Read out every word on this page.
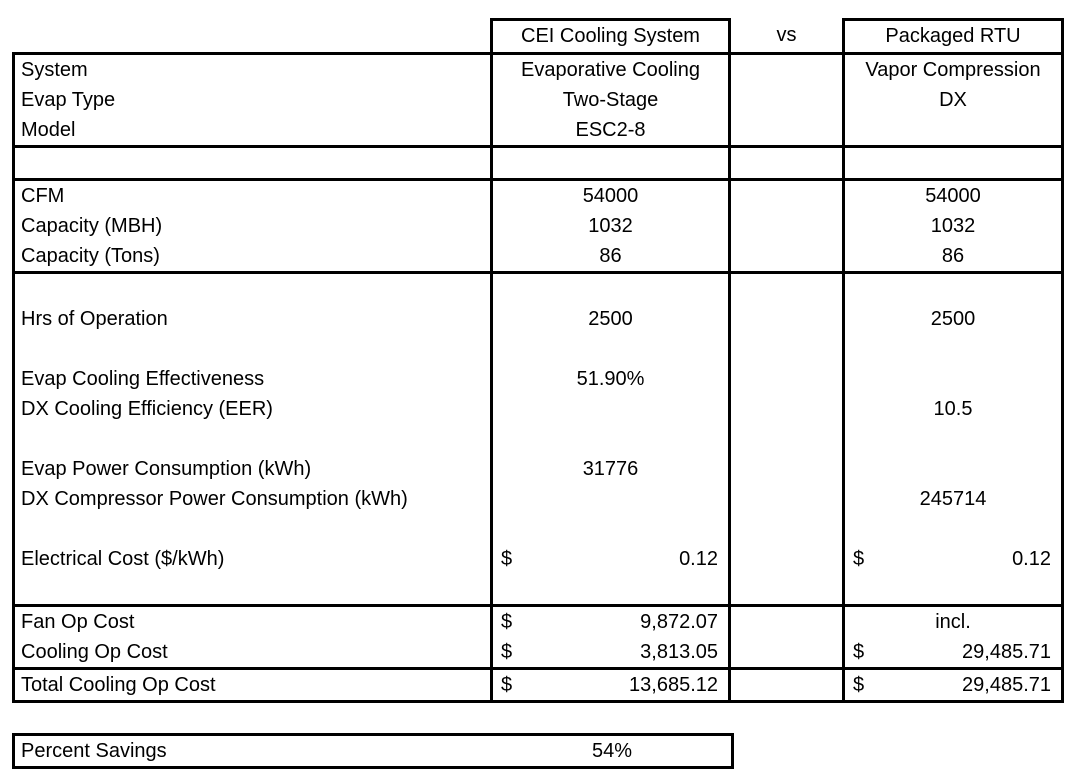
	CEI Cooling System	vs	Packaged RTU
System	Evaporative Cooling		Vapor Compression
Evap Type	Two-Stage		DX
Model	ESC2-8		

CFM	54000		54000
Capacity (MBH)	1032		1032
Capacity (Tons)	86		86

Hrs of Operation	2500		2500

Evap Cooling Effectiveness	51.90%		
DX Cooling Efficiency (EER)			10.5

Evap Power Consumption (kWh)	31776		
DX Compressor Power Consumption (kWh)			245714

Electrical Cost ($/kWh)	$ 0.12		$ 0.12

Fan Op Cost	$ 9,872.07		incl.
Cooling Op Cost	$ 3,813.05		$ 29,485.71

Total Cooling Op Cost	$ 13,685.12		$ 29,485.71
Percent Savings	54%
